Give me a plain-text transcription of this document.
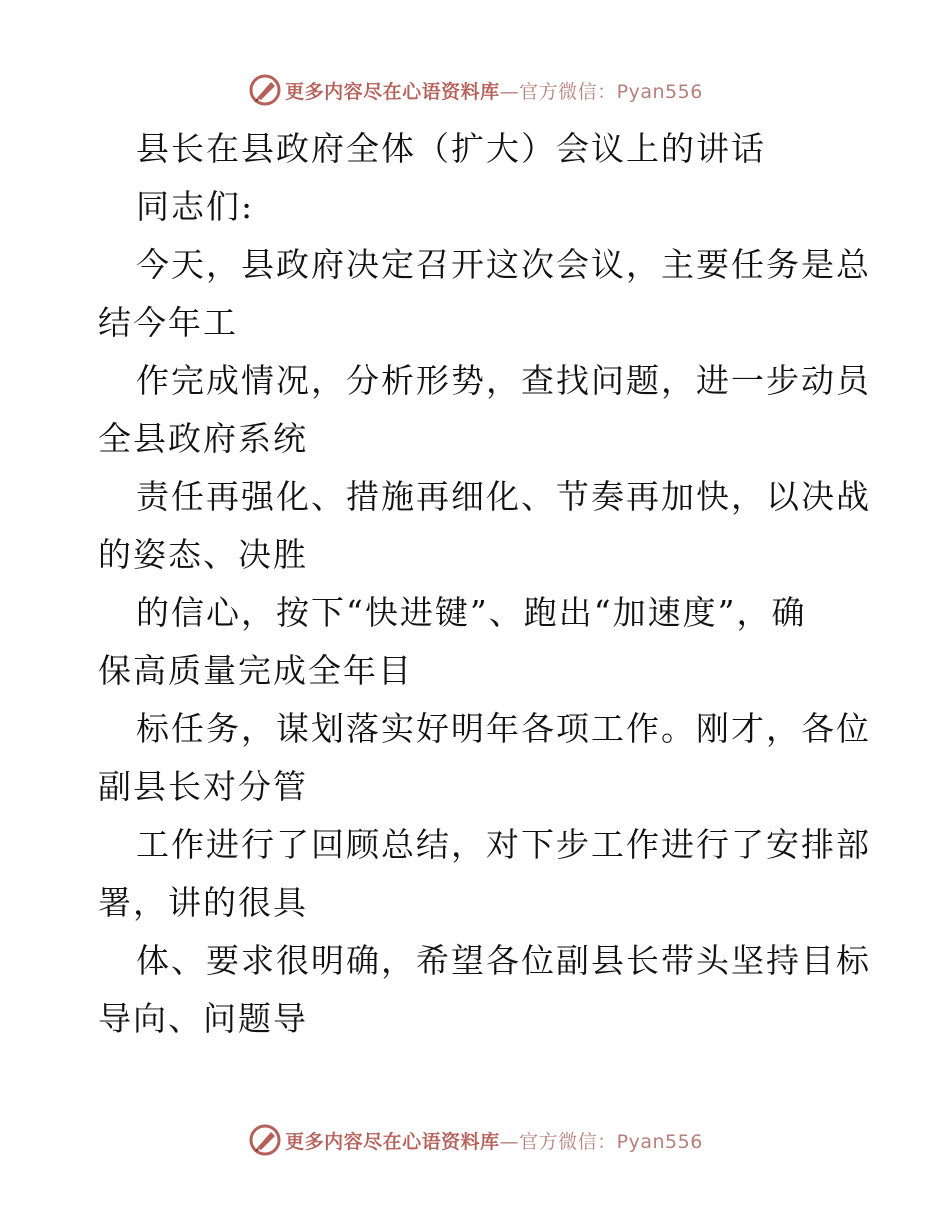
更多内容尽在心语资料库—官方微信：Pyan556
县长在县政府全体（扩大）会议上的讲话
同志们:
今天，县政府决定召开这次会议，主要任务是总
结今年工
作完成情况，分析形势，查找问题，进一步动员
全县政府系统
责任再强化、措施再细化、节奏再加快，以决战
的姿态、决胜
的信心，按下“快进键”、跑出“加速度”，确
保高质量完成全年目
标任务，谋划落实好明年各项工作。刚才，各位
副县长对分管
工作进行了回顾总结，对下步工作进行了安排部
署，讲的很具
体、要求很明确，希望各位副县长带头坚持目标
导向、问题导
更多内容尽在心语资料库—官方微信：Pyan556
